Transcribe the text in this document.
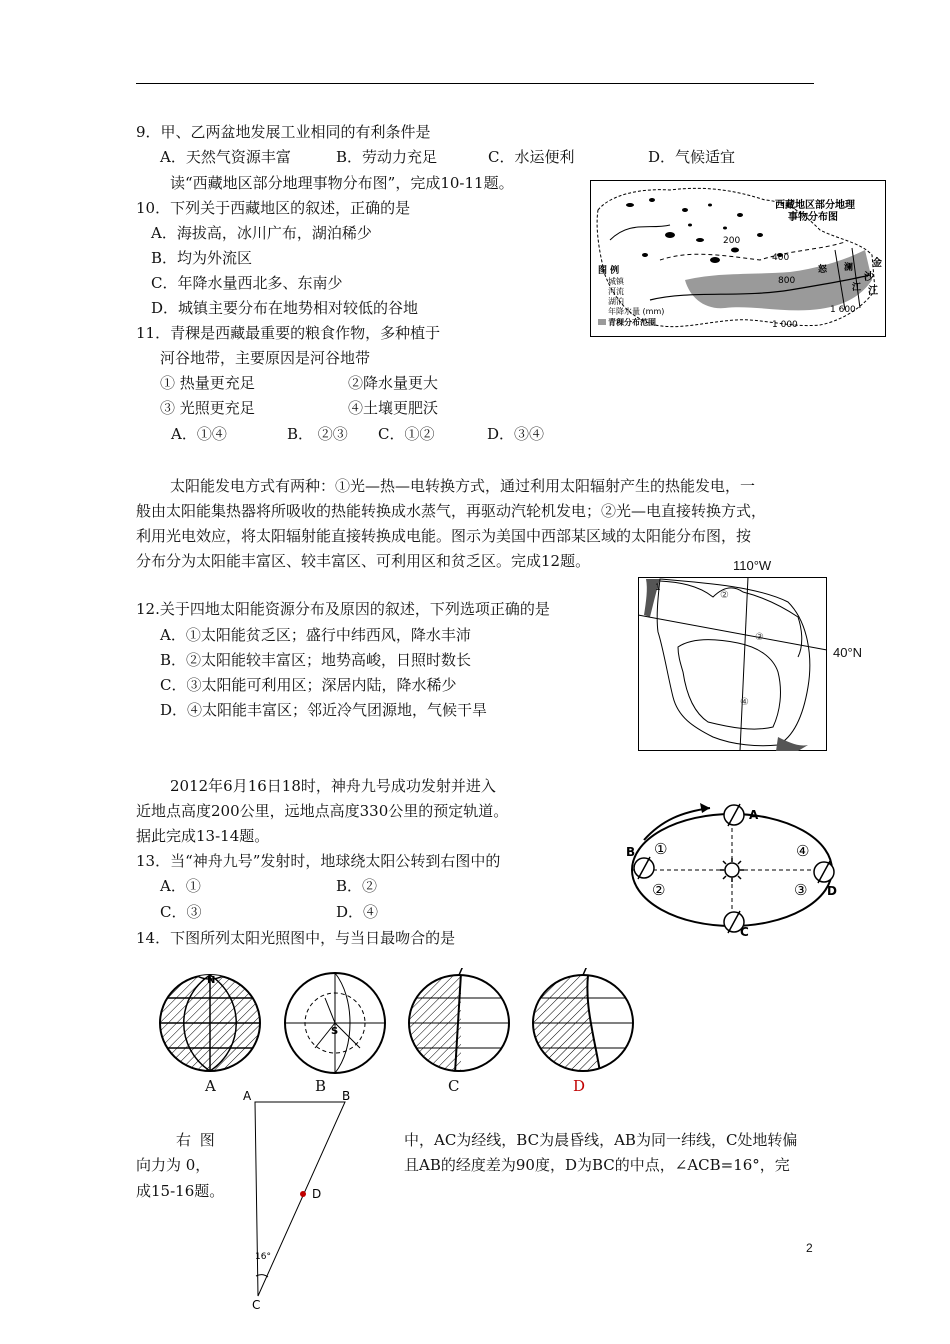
9．甲、乙两盆地发展工业相同的有利条件是
A．天然气资源丰富	B．劳动力充足	C．水运便利	D．气候适宜
读“西藏地区部分地理事物分布图”，完成10-11题。
10．下列关于西藏地区的叙述，正确的是
A．海拔高，冰川广布，湖泊稀少
B．均为外流区
C．年降水量西北多、东南少
D．城镇主要分布在地势相对较低的谷地
11．青稞是西藏最重要的粮食作物，多种植于
河谷地带，主要原因是河谷地带
① 热量更充足	②降水量更大
③ 光照更充足	④土壤更肥沃
A．①④	B． ②③ C．①②	D．③④
西藏地区部分地理
事物分布图
图 例
城镇
河流
湖泊
年降水量 (mm)
青稞分布范围
200
400
800
1 600
1 000
金
沙
江
怒 澜
江
太阳能发电方式有两种：①光—热—电转换方式，通过利用太阳辐射产生的热能发电，一
般由太阳能集热器将所吸收的热能转换成水蒸气，再驱动汽轮机发电；②光—电直接转换方式，
利用光电效应，将太阳辐射能直接转换成电能。图示为美国中西部某区域的太阳能分布图，按
分布分为太阳能丰富区、较丰富区、可利用区和贫乏区。完成12题。
12.关于四地太阳能资源分布及原因的叙述，下列选项正确的是
A．①太阳能贫乏区；盛行中纬西风，降水丰沛
B．②太阳能较丰富区；地势高峻，日照时数长
C．③太阳能可利用区；深居内陆，降水稀少
D．④太阳能丰富区；邻近冷气团源地，气候干旱
110°W
40°N
1
②
③
④
2012年6月16日18时，神舟九号成功发射并进入
近地点高度200公里，远地点高度330公里的预定轨道。
据此完成13-14题。
13．当“神舟九号”发射时，地球绕太阳公转到右图中的
A．①	B．②
C．③	D．④
A
B
C
D
①
②	③
④
14．下图所列太阳光照图中，与当日最吻合的是
N
S
A	B	C	D
右 图
向力为 0，
成15-16题。
中，AC为经线，BC为晨昏线，AB为同一纬线，C处地转偏
且AB的经度差为90度，D为BC的中点，∠ACB=16°，完
A	B
D
C
16°
2
